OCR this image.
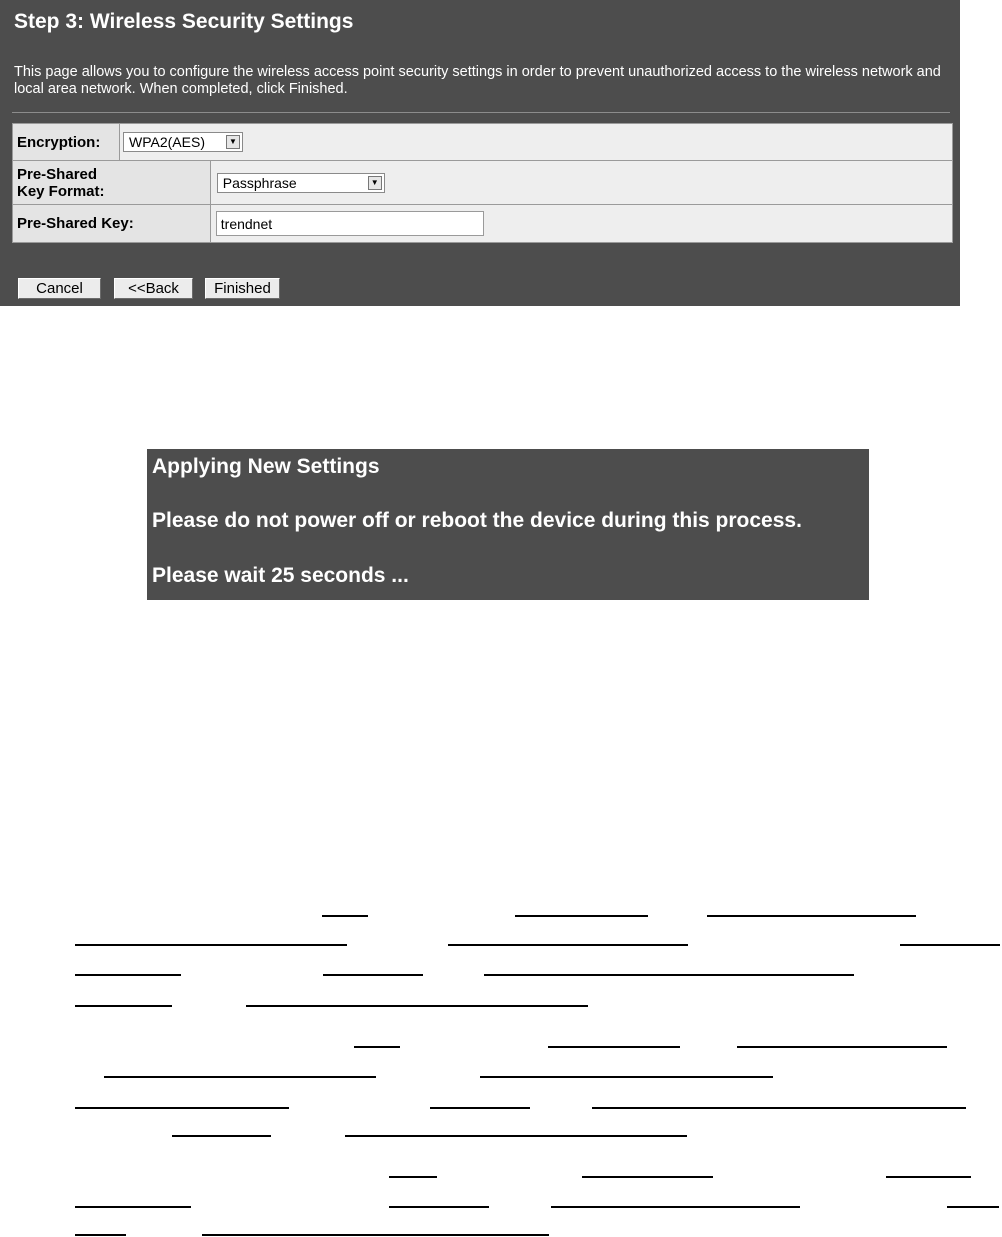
Step 3: Wireless Security Settings

This page allows you to configure the wireless access point security settings in order to prevent unauthorized access to the wireless network and local area network. When completed, click Finished.

Encryption:	WPA2(AES) ▼	

Pre-Shared
Key Format:		Passphrase ▼

Pre-Shared Key:	trendnet
Cancel	<<Back	Finished

Applying New Settings

Please do not power off or reboot the device during this process.

Please wait 25 seconds ...
